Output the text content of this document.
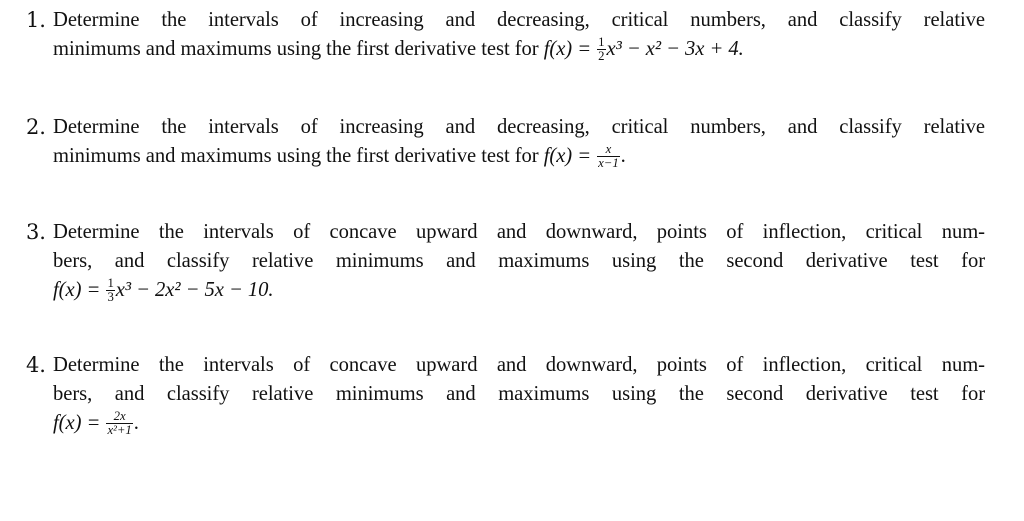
1. Determine the intervals of increasing and decreasing, critical numbers, and classify relative
minimums and maximums using the first derivative test for $f(x) = \frac{1}{2} x^3 - x^2 - 3x + 4$.
2. Determine the intervals of increasing and decreasing, critical numbers, and classify relative
minimums and maximums using the first derivative test for $f(x) = \frac{x}{x-1}$ .
3. Determine the intervals of concave upward and downward, points of inflection, critical num-
bers, and classify relative minimums and maximums using the second derivative test for
$f(x) = \frac{1}{3} x^3 - 2x^2 - 5x - 10$.
4. Determine the intervals of concave upward and downward, points of inflection, critical num-
bers, and classify relative minimums and maximums using the second derivative test for
$f(x) = \frac{2x}{\text{x²+1}}$ .
